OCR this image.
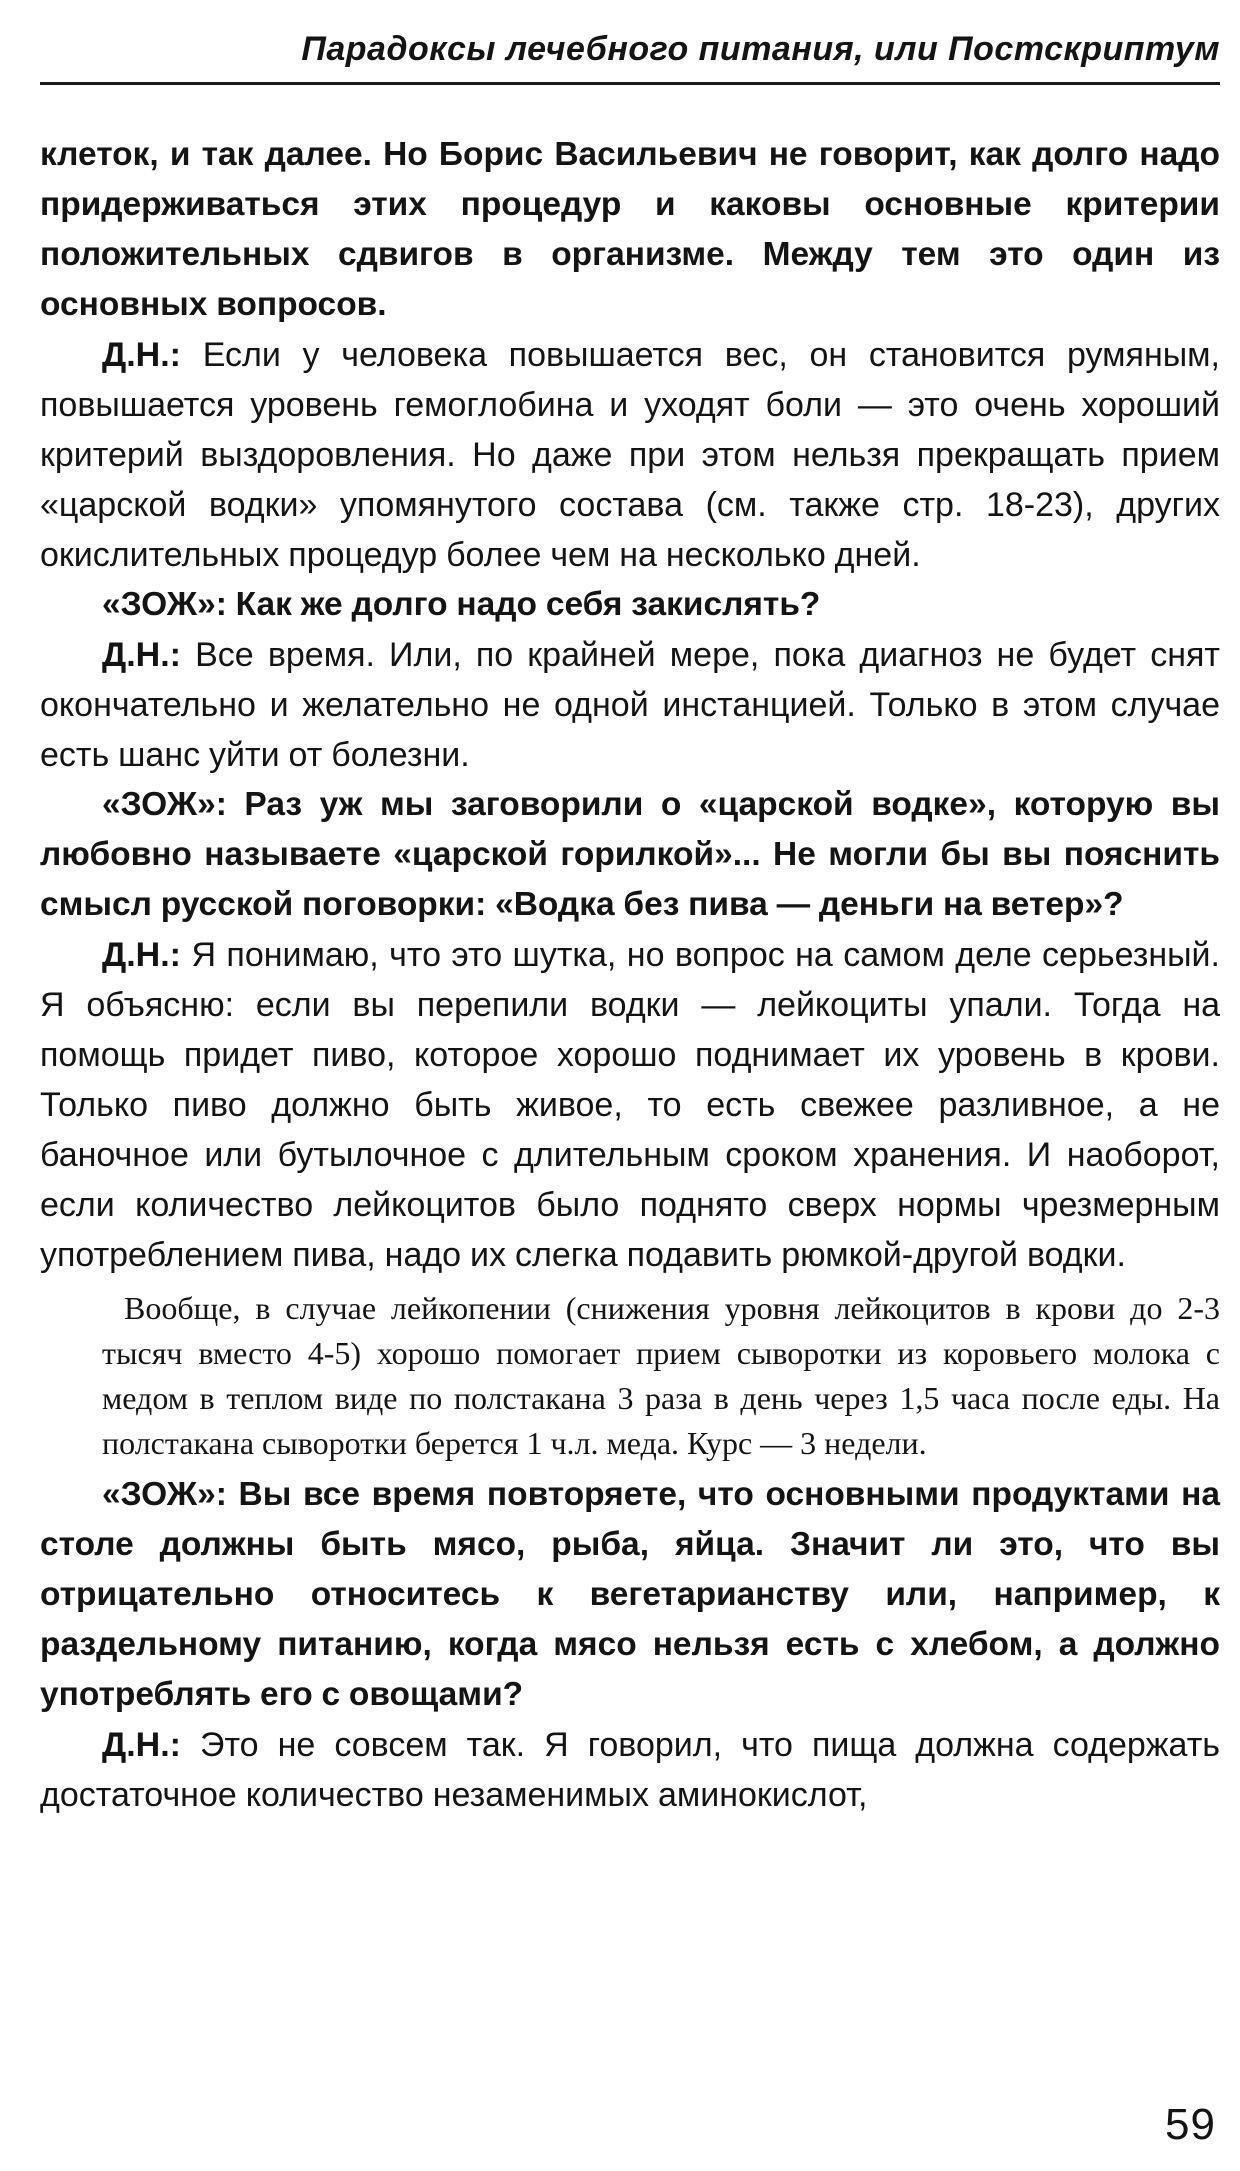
Парадоксы лечебного питания, или Постскриптум

клеток, и так далее. Но Борис Васильевич не говорит, как долго надо придерживаться этих процедур и каковы основные критерии положительных сдвигов в организме. Между тем это один из основных вопросов.

Д.Н.: Если у человека повышается вес, он становится румяным, повышается уровень гемоглобина и уходят боли — это очень хороший критерий выздоровления. Но даже при этом нельзя прекращать прием «царской водки» упомянутого состава (см. также стр. 18-23), других окислительных процедур более чем на несколько дней.

«ЗОЖ»: Как же долго надо себя закислять?

Д.Н.: Все время. Или, по крайней мере, пока диагноз не будет снят окончательно и желательно не одной инстанцией. Только в этом случае есть шанс уйти от болезни.

«ЗОЖ»: Раз уж мы заговорили о «царской водке», которую вы любовно называете «царской горилкой»... Не могли бы вы пояснить смысл русской поговорки: «Водка без пива — деньги на ветер»?

Д.Н.: Я понимаю, что это шутка, но вопрос на самом деле серьезный. Я объясню: если вы перепили водки — лейкоциты упали. Тогда на помощь придет пиво, которое хорошо поднимает их уровень в крови. Только пиво должно быть живое, то есть свежее разливное, а не баночное или бутылочное с длительным сроком хранения. И наоборот, если количество лейкоцитов было поднято сверх нормы чрезмерным употреблением пива, надо их слегка подавить рюмкой-другой водки.

Вообще, в случае лейкопении (снижения уровня лейкоцитов в крови до 2-3 тысяч вместо 4-5) хорошо помогает прием сыворотки из коровьего молока с медом в теплом виде по полстакана 3 раза в день через 1,5 часа после еды. На полстакана сыворотки берется 1 ч.л. меда. Курс — 3 недели.

«ЗОЖ»: Вы все время повторяете, что основными продуктами на столе должны быть мясо, рыба, яйца. Значит ли это, что вы отрицательно относитесь к вегетарианству или, например, к раздельному питанию, когда мясо нельзя есть с хлебом, а должно употреблять его с овощами?

Д.Н.: Это не совсем так. Я говорил, что пища должна содержать достаточное количество незаменимых аминокислот,

59
